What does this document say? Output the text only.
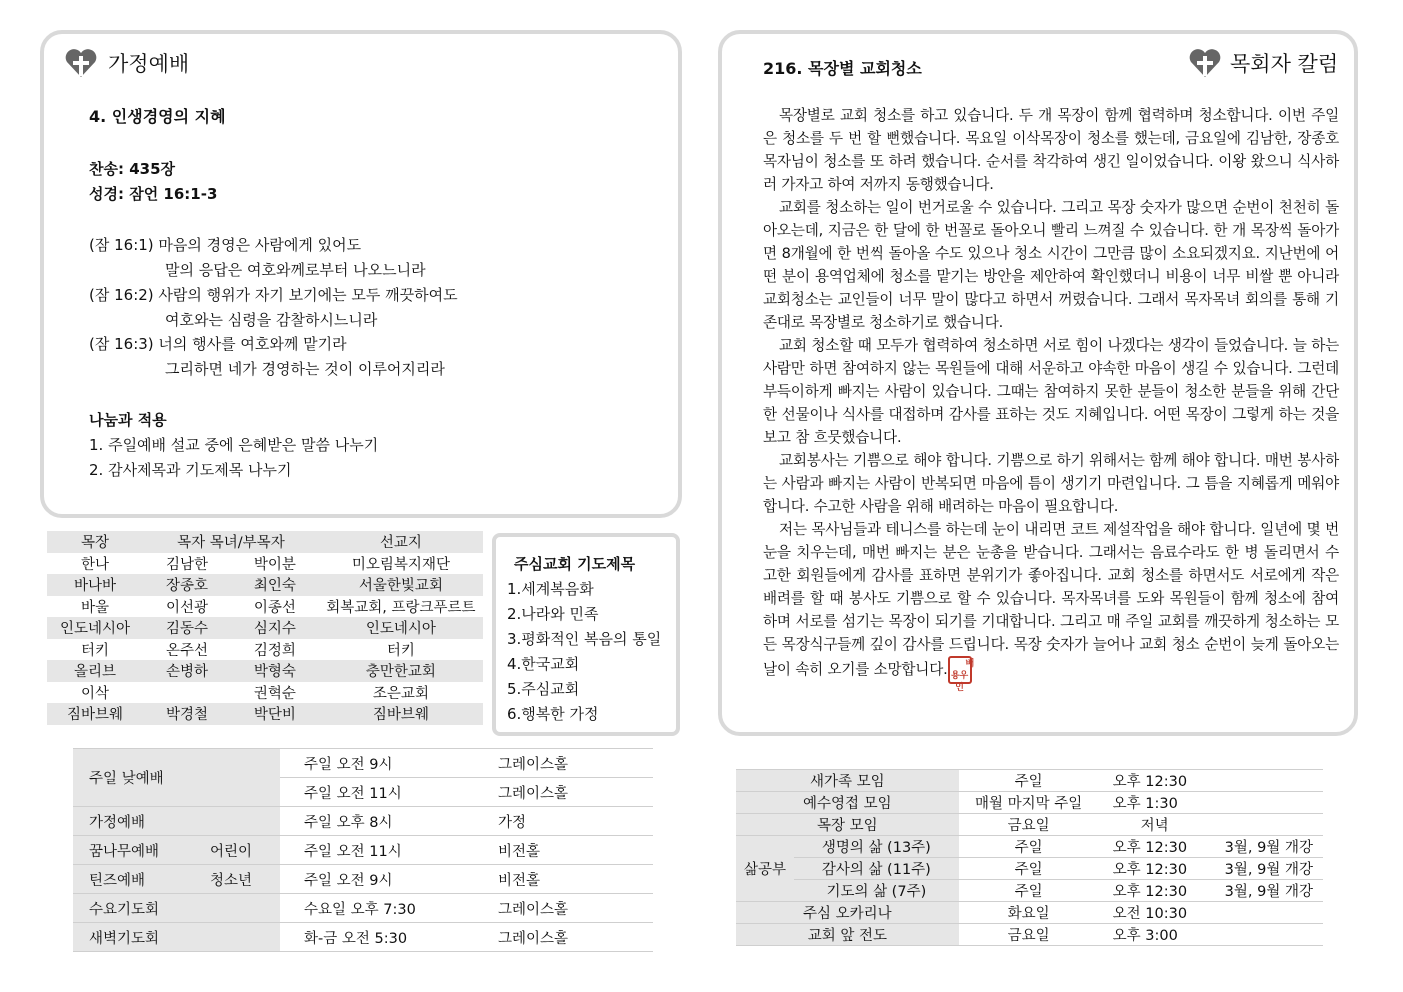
가정예배
4. 인생경영의 지혜
찬송: 435장
성경: 잠언 16:1-3
(잠 16:1) 마음의 경영은 사람에게 있어도
말의 응답은 여호와께로부터 나오느니라
(잠 16:2) 사람의 행위가 자기 보기에는 모두 깨끗하여도
여호와는 심령을 감찰하시느니라
(잠 16:3) 너의 행사를 여호와께 맡기라
그리하면 네가 경영하는 것이 이루어지리라
나눔과 적용
1. 주일예배 설교 중에 은혜받은 말씀 나누기
2. 감사제목과 기도제목 나누기
216. 목장별 교회청소	목회자 칼럼

목장별로 교회 청소를 하고 있습니다. 두 개 목장이 함께 협력하며 청소합니다. 이번 주일은 청소를 두 번 할 뻔했습니다. 목요일 이삭목장이 청소를 했는데, 금요일에 김남한, 장종호목자님이 청소를 또 하려 했습니다. 순서를 착각하여 생긴 일이었습니다. 이왕 왔으니 식사하러 가자고 하여 저까지 동행했습니다.

교회를 청소하는 일이 번거로울 수 있습니다. 그리고 목장 숫자가 많으면 순번이 천천히 돌아오는데, 지금은 한 달에 한 번꼴로 돌아오니 빨리 느껴질 수 있습니다. 한 개 목장씩 돌아가면 8개월에 한 번씩 돌아올 수도 있으나 청소 시간이 그만큼 많이 소요되겠지요. 지난번에 어떤 분이 용역업체에 청소를 맡기는 방안을 제안하여 확인했더니 비용이 너무 비쌀 뿐 아니라 교회청소는 교인들이 너무 말이 많다고 하면서 꺼렸습니다. 그래서 목자목녀 회의를 통해 기존대로 목장별로 청소하기로 했습니다.

교회 청소할 때 모두가 협력하여 청소하면 서로 힘이 나겠다는 생각이 들었습니다. 늘 하는 사람만 하면 참여하지 않는 목원들에 대해 서운하고 야속한 마음이 생길 수 있습니다. 그런데 부득이하게 빠지는 사람이 있습니다. 그때는 참여하지 못한 분들이 청소한 분들을 위해 간단한 선물이나 식사를 대접하며 감사를 표하는 것도 지혜입니다. 어떤 목장이 그렇게 하는 것을 보고 참 흐뭇했습니다.

교회봉사는 기쁨으로 해야 합니다. 기쁨으로 하기 위해서는 함께 해야 합니다. 매번 봉사하는 사람과 빠지는 사람이 반복되면 마음에 틈이 생기기 마련입니다. 그 틈을 지혜롭게 메워야 합니다. 수고한 사람을 위해 배려하는 마음이 필요합니다.

저는 목사님들과 테니스를 하는데 눈이 내리면 코트 제설작업을 해야 합니다. 일년에 몇 번 눈을 치우는데, 매번 빠지는 분은 눈총을 받습니다. 그래서는 음료수라도 한 병 돌리면서 수고한 회원들에게 감사를 표하면 분위기가 좋아집니다. 교회 청소를 하면서도 서로에게 작은 배려를 할 때 봉사도 기쁨으로 할 수 있습니다. 목자목녀를 도와 목원들이 함께 청소에 참여하며 서로를 섬기는 목장이 되기를 기대합니다. 그리고 매 주일 교회를 깨끗하게 청소하는 모든 목장식구들께 깊이 감사를 드립니다. 목장 숫자가 늘어나 교회 청소 순번이 늦게 돌아오는 날이 속히 오기를 소망합니다. 배용우인

목장	목자 목녀/부목자		선교지
한나	김남한	박이분	미오림복지재단
바나바	장종호	최인숙	서울한빛교회
바울	이선광	이종선	회복교회, 프랑크푸르트
인도네시아	김동수	심지수	인도네시아
터키	온주선	김정희	터키
올리브	손병하	박형숙	충만한교회
이삭		권혁순	조은교회
짐바브웨	박경철	박단비	짐바브웨
주심교회 기도제목
1.세계복음화
2.나라와 민족
3.평화적인 복음의 통일
4.한국교회
5.주심교회
6.행복한 가정
주일 낮예배		주일 오전 9시	그레이스홀
		주일 오전 11시	그레이스홀
가정예배		주일 오후 8시	가정
꿈나무예배	어린이	주일 오전 11시	비전홀
틴즈예배	청소년	주일 오전 9시	비전홀
수요기도회		수요일 오후 7:30	그레이스홀
새벽기도회		화-금 오전 5:30	그레이스홀
새가족 모임		주일	오후 12:30	
예수영접 모임		매월 마지막 주일	오후 1:30	
목장 모임		금요일	저녁	
삶공부	생명의 삶 (13주)	주일	오후 12:30	3월, 9월 개강
	감사의 삶 (11주)	주일	오후 12:30	3월, 9월 개강
	기도의 삶 (7주)	주일	오후 12:30	3월, 9월 개강
주심 오카리나		화요일	오전 10:30	
교회 앞 전도		금요일	오후 3:00	
